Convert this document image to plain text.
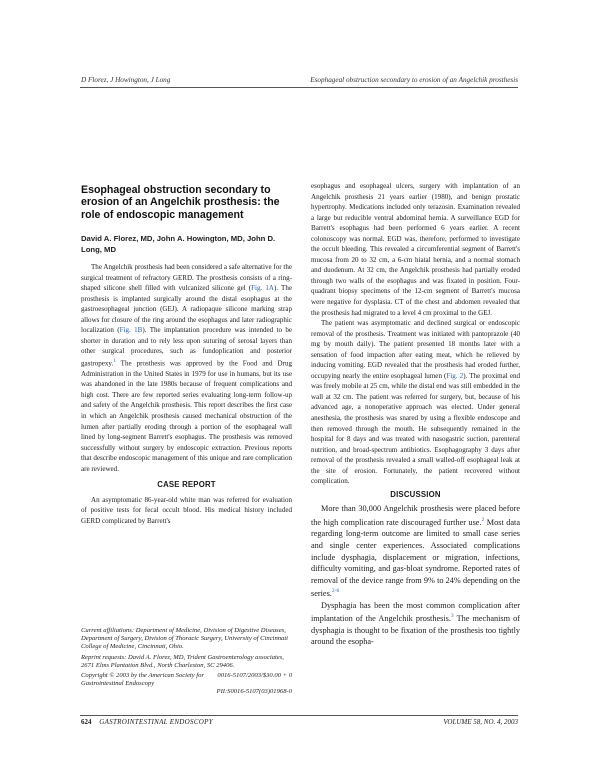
D Florez, J Howington, J Long	Esophageal obstruction secondary to erosion of an Angelchik prosthesis
Esophageal obstruction secondary to erosion of an Angelchik prosthesis: the role of endoscopic management
David A. Florez, MD, John A. Howington, MD, John D. Long, MD

The Angelchik prosthesis had been considered a safe alternative for the surgical treatment of refractory GERD. The prosthesis consists of a ring-shaped silicone shell filled with vulcanized silicone gel (Fig. 1A). The prosthesis is implanted surgically around the distal esophagus at the gastroesophageal junction (GEJ). A radiopaque silicone marking strap allows for closure of the ring around the esophagus and later radiographic localization (Fig. 1B). The implantation procedure was intended to be shorter in duration and to rely less upon suturing of serosal layers than other surgical procedures, such as fundoplication and posterior gastropexy.$^1$ The prosthesis was approved by the Food and Drug Administration in the United States in 1979 for use in humans, but its use was abandoned in the late 1980s because of frequent complications and high cost. There are few reported series evaluating long-term follow-up and safety of the Angelchik prosthesis. This report describes the first case in which an Angelchik prosthesis caused mechanical obstruction of the lumen after partially eroding through a portion of the esophageal wall lined by long-segment Barrett's esophagus. The prosthesis was removed successfully without surgery by endoscopic extraction. Previous reports that describe endoscopic management of this unique and rare complication are reviewed.

CASE REPORT

An asymptomatic 86-year-old white man was referred for evaluation of positive tests for fecal occult blood. His medical history included GERD complicated by Barrett's

Current affiliations: Department of Medicine, Division of Digestive Diseases, Department of Surgery, Division of Thoracic Surgery, University of Cincinnati College of Medicine, Cincinnati, Ohio.

Reprint requests: David A. Florez, MD, Trident Gastroenterology associates, 2671 Elms Plantation Blvd., North Charleston, SC 29406.

Copyright © 2003 by the American Society for Gastrointestinal Endoscopy
0016-5107/2003/$30.00 + 0
PII:S0016-5107(03)01968-0

esophagus and esophageal ulcers, surgery with implantation of an Angelchik prosthesis 21 years earlier (1980), and benign prostatic hypertrophy. Medications included only terazosin. Examination revealed a large but reducible ventral abdominal hernia. A surveillance EGD for Barrett's esophagus had been performed 6 years earlier. A recent colonoscopy was normal. EGD was, therefore, performed to investigate the occult bleeding. This revealed a circumferential segment of Barrett's mucosa from 20 to 32 cm, a 6-cm hiatal hernia, and a normal stomach and duodenum. At 32 cm, the Angelchik prosthesis had partially eroded through two walls of the esophagus and was fixated in position. Four-quadrant biopsy specimens of the 12-cm segment of Barrett's mucosa were negative for dysplasia. CT of the chest and abdomen revealed that the prosthesis had migrated to a level 4 cm proximal to the GEJ.

The patient was asymptomatic and declined surgical or endoscopic removal of the prosthesis. Treatment was initiated with pantoprazole (40 mg by mouth daily). The patient presented 18 months later with a sensation of food impaction after eating meat, which he relieved by inducing vomiting. EGD revealed that the prosthesis had eroded further, occupying nearly the entire esophageal lumen (Fig. 2). The proximal end was freely mobile at 25 cm, while the distal end was still embedded in the wall at 32 cm. The patient was referred for surgery, but, because of his advanced age, a nonoperative approach was elected. Under general anesthesia, the prosthesis was snared by using a flexible endoscope and then removed through the mouth. He subsequently remained in the hospital for 8 days and was treated with nasogastric suction, parenteral nutrition, and broad-spectrum antibiotics. Esophagography 3 days after removal of the prosthesis revealed a small walled-off esophageal leak at the site of erosion. Fortunately, the patient recovered without complication.

DISCUSSION

More than 30,000 Angelchik prosthesis were placed before the high complication rate discouraged further use.$^2$ Most data regarding long-term outcome are limited to small case series and single center experiences. Associated complications include dysphagia, displacement or migration, infections, difficulty vomiting, and gas-bloat syndrome. Reported rates of removal of the device range from 9% to 24% depending on the series.$^{2-6}$

Dysphagia has been the most common complication after implantation of the Angelchik prosthesis.$^3$ The mechanism of dysphagia is thought to be fixation of the prosthesis too tightly around the esopha-

624 GASTROINTESTINAL ENDOSCOPY	VOLUME 58, NO. 4, 2003
